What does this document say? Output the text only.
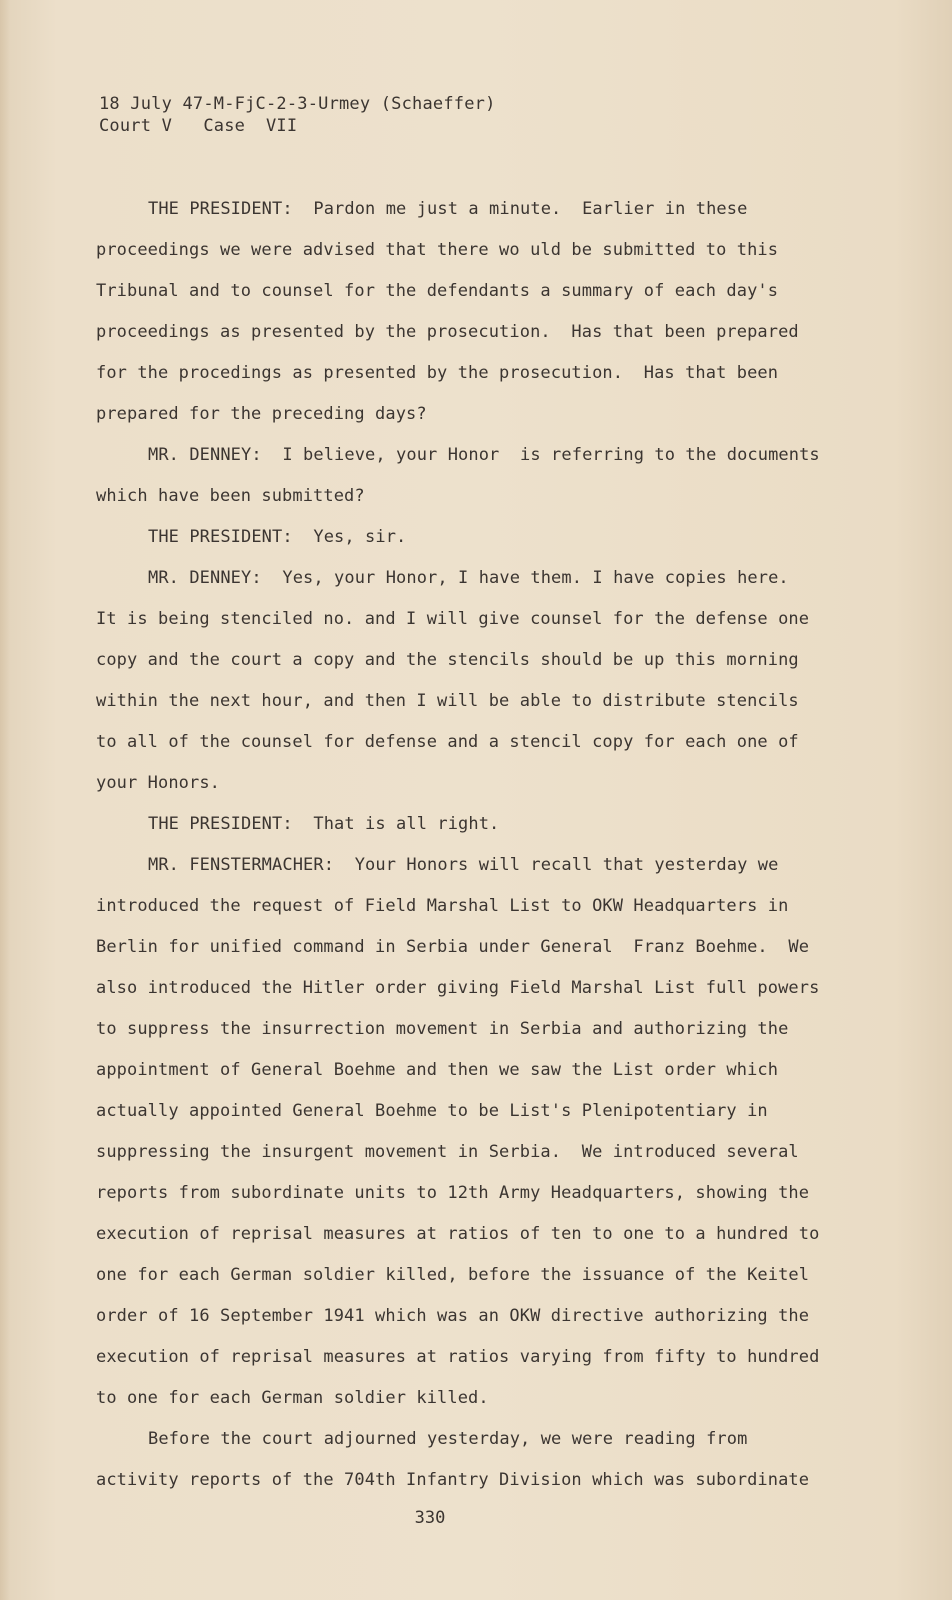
18 July 47-M-FjC-2-3-Urmey (Schaeffer)
Court V   Case  VII
THE PRESIDENT:  Pardon me just a minute.  Earlier in these
proceedings we were advised that there wo uld be submitted to this
Tribunal and to counsel for the defendants a summary of each day's
proceedings as presented by the prosecution.  Has that been prepared
for the procedings as presented by the prosecution.  Has that been
prepared for the preceding days?
MR. DENNEY:  I believe, your Honor  is referring to the documents
which have been submitted?
THE PRESIDENT:  Yes, sir.
MR. DENNEY:  Yes, your Honor, I have them. I have copies here.
It is being stenciled no. and I will give counsel for the defense one
copy and the court a copy and the stencils should be up this morning
within the next hour, and then I will be able to distribute stencils
to all of the counsel for defense and a stencil copy for each one of
your Honors.
THE PRESIDENT:  That is all right.
MR. FENSTERMACHER:  Your Honors will recall that yesterday we
introduced the request of Field Marshal List to OKW Headquarters in
Berlin for unified command in Serbia under General  Franz Boehme.  We
also introduced the Hitler order giving Field Marshal List full powers
to suppress the insurrection movement in Serbia and authorizing the
appointment of General Boehme and then we saw the List order which
actually appointed General Boehme to be List's Plenipotentiary in
suppressing the insurgent movement in Serbia.  We introduced several
reports from subordinate units to 12th Army Headquarters, showing the
execution of reprisal measures at ratios of ten to one to a hundred to
one for each German soldier killed, before the issuance of the Keitel
order of 16 September 1941 which was an OKW directive authorizing the
execution of reprisal measures at ratios varying from fifty to hundred
to one for each German soldier killed.
Before the court adjourned yesterday, we were reading from
activity reports of the 704th Infantry Division which was subordinate
330
